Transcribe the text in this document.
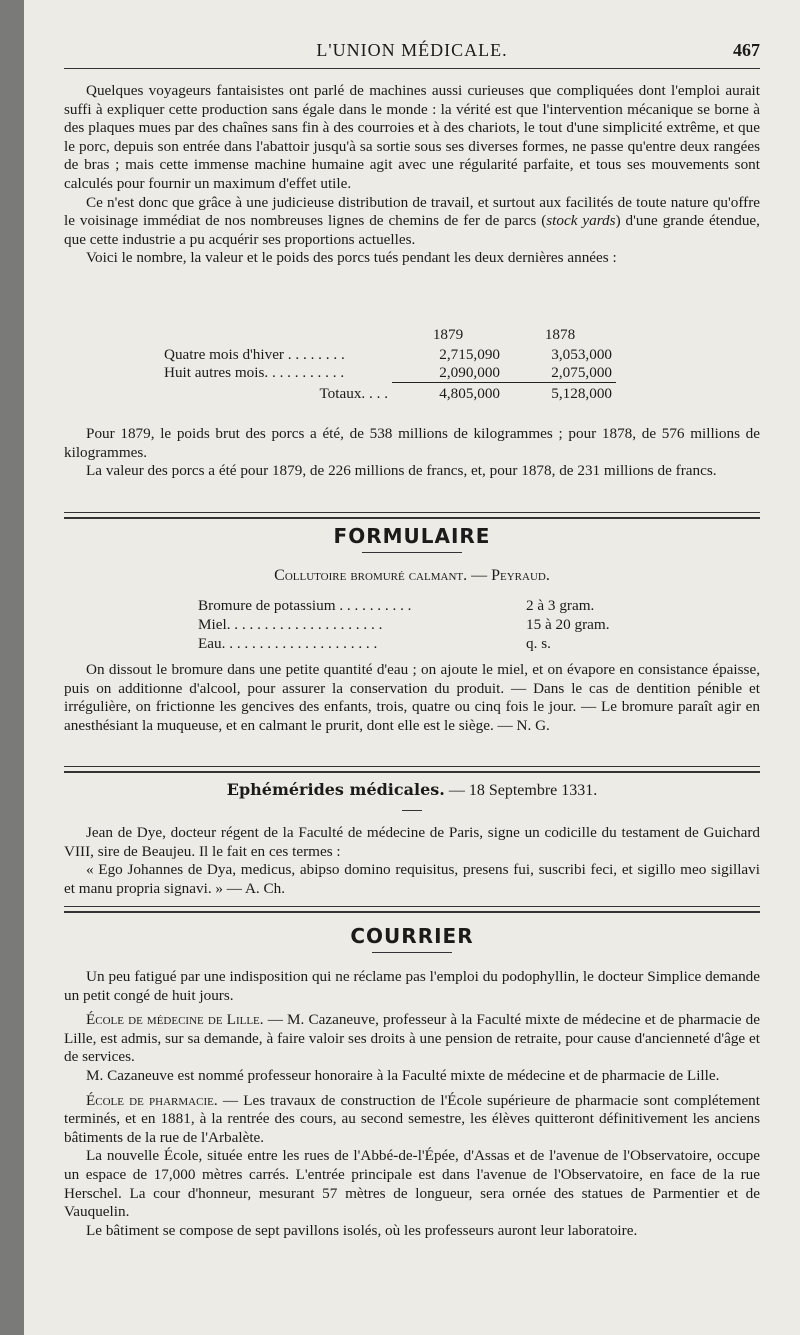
L'UNION MÉDICALE.	467

Quelques voyageurs fantaisistes ont parlé de machines aussi curieuses que compliquées dont l'emploi aurait suffi à expliquer cette production sans égale dans le monde : la vérité est que l'intervention mécanique se borne à des plaques mues par des chaînes sans fin à des courroies et à des chariots, le tout d'une simplicité extrême, et que le porc, depuis son entrée dans l'abattoir jusqu'à sa sortie sous ses diverses formes, ne passe qu'entre deux rangées de bras ; mais cette immense machine humaine agit avec une régularité parfaite, et tous ses mouvements sont calculés pour fournir un maximum d'effet utile.

Ce n'est donc que grâce à une judicieuse distribution de travail, et surtout aux facilités de toute nature qu'offre le voisinage immédiat de nos nombreuses lignes de chemins de fer de parcs (stock yards) d'une grande étendue, que cette industrie a pu acquérir ses proportions actuelles.

Voici le nombre, la valeur et le poids des porcs tués pendant les deux dernières années :

	1879	1878
Quatre mois d'hiver . . . . . . . .	2,715,090	3,053,000
Huit autres mois. . . . . . . . . . .	2,090,000	2,075,000
Totaux. . . .	4,805,000	5,128,000

Pour 1879, le poids brut des porcs a été, de 538 millions de kilogrammes ; pour 1878, de 576 millions de kilogrammes.

La valeur des porcs a été pour 1879, de 226 millions de francs, et, pour 1878, de 231 millions de francs.

FORMULAIRE
Collutoire bromuré calmant. — Peyraud.
Bromure de potassium . . . . . . . . . .	2 à 3 gram.
Miel. . . . . . . . . . . . . . . . . . . . .	15 à 20 gram.
Eau. . . . . . . . . . . . . . . . . . . . .	q. s.

On dissout le bromure dans une petite quantité d'eau ; on ajoute le miel, et on évapore en consistance épaisse, puis on additionne d'alcool, pour assurer la conservation du produit. — Dans le cas de dentition pénible et irrégulière, on frictionne les gencives des enfants, trois, quatre ou cinq fois le jour. — Le bromure paraît agir en anesthésiant la muqueuse, et en calmant le prurit, dont elle est le siège. — N. G.

Ephémérides médicales. — 18 Septembre 1331.

Jean de Dye, docteur régent de la Faculté de médecine de Paris, signe un codicille du testament de Guichard VIII, sire de Beaujeu. Il le fait en ces termes :

« Ego Johannes de Dya, medicus, abipso domino requisitus, presens fui, suscribi feci, et sigillo meo sigillavi et manu propria signavi. » — A. Ch.

COURRIER

Un peu fatigué par une indisposition qui ne réclame pas l'emploi du podophyllin, le docteur Simplice demande un petit congé de huit jours.

École de médecine de Lille. — M. Cazaneuve, professeur à la Faculté mixte de médecine et de pharmacie de Lille, est admis, sur sa demande, à faire valoir ses droits à une pension de retraite, pour cause d'ancienneté d'âge et de services.

M. Cazaneuve est nommé professeur honoraire à la Faculté mixte de médecine et de pharmacie de Lille.

École de pharmacie. — Les travaux de construction de l'École supérieure de pharmacie sont complétement terminés, et en 1881, à la rentrée des cours, au second semestre, les élèves quitteront définitivement les anciens bâtiments de la rue de l'Arbalète.

La nouvelle École, située entre les rues de l'Abbé-de-l'Épée, d'Assas et de l'avenue de l'Observatoire, occupe un espace de 17,000 mètres carrés. L'entrée principale est dans l'avenue de l'Observatoire, en face de la rue Herschel. La cour d'honneur, mesurant 57 mètres de longueur, sera ornée des statues de Parmentier et de Vauquelin.

Le bâtiment se compose de sept pavillons isolés, où les professeurs auront leur laboratoire.
